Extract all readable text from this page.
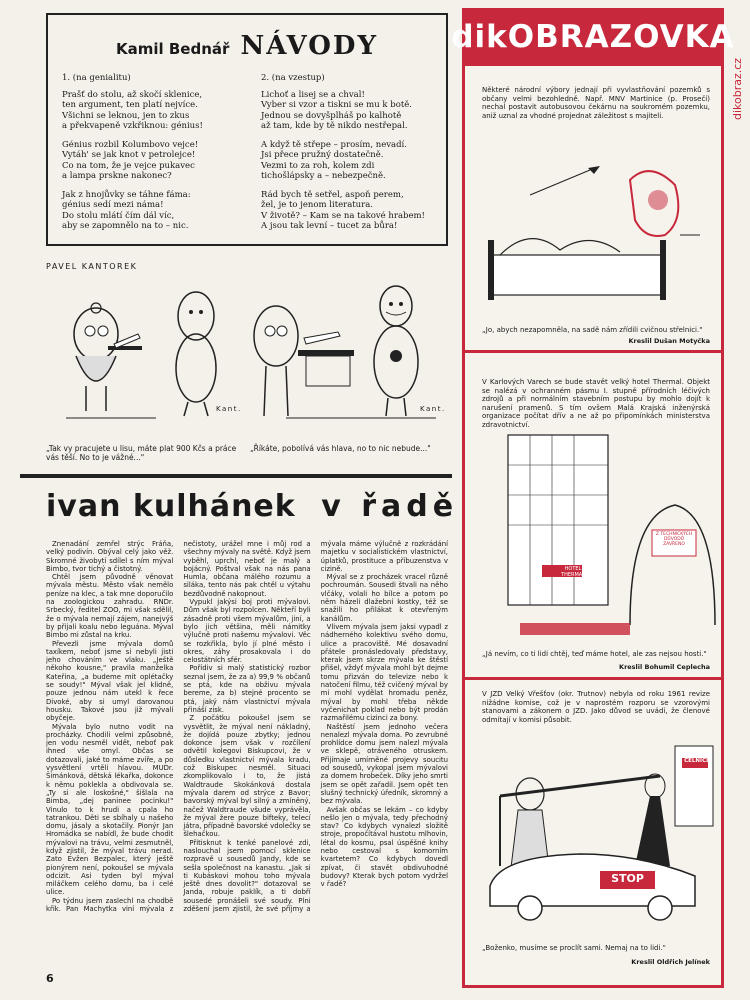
Kamil Bednář NÁVODY
1. (na genialitu)
Prašť do stolu, až skočí sklenice,
ten argument, ten platí nejvíce.
Všichni se leknou, jen to zkus
a překvapeně vzkřiknou: génius!
Génius rozbil Kolumbovo vejce!
Vytáh' se jak knot v petrolejce!
Co na tom, že je vejce pukavec
a lampa prskne nakonec?
Jak z hnojůvky se táhne fáma:
génius sedí mezi náma!
Do stolu mlátí čím dál víc,
aby se zapomnělo na to – nic.
2. (na vzestup)
Lichoť a lisej se a chval!
Vyber si vzor a tiskni se mu k botě.
Jednou se dovyšplháš po kalhotě
až tam, kde by tě nikdo nestřepal.
A když tě střepe – prosím, nevadí.
Jsi přece pružný dostatečně.
Vezmi to za roh, kolem zdi
tichošlápsky a – nebezpečně.
Rád bych tě setřel, aspoň perem,
žel, je to jenom literatura.
V životě? – Kam se na takové hrabem!
A jsou tak levní – tucet za bůra!
PAVEL KANTOREK
Kant.	Kant.
„Tak vy pracujete u lisu, máte plat 900 Kčs a práce vás těší. No to je vážné..."
„Říkáte, pobolívá vás hlava, no to nic nebude..."
ivan kulhánek v řadě

Znenadání zemřel strýc Fráňa, velký podivín. Obýval celý jako věž. Skromné živobytí sdílel s ním mýval Bimbo, tvor tichý a čistotný.

Chtěl jsem původně věnovat mývala městu. Město však nemělo peníze na klec, a tak mne doporučilo na zoologickou zahradu. RNDr. Srbecký, ředitel ZOO, mi však sdělil, že o mývala nemají zájem, nanejvýš by přijali koalu nebo leguána. Mýval Bimbo mi zůstal na krku.

Převezli jsme mývala domů taxíkem, neboť jsme si nebyli jisti jeho chováním ve vlaku. „Ještě někoho kousne," pravila manželka Kateřina, „a budeme mít oplétačky se soudy!" Mýval však jel klidně, pouze jednou nám utekl k řece Divoké, aby si umyl darovanou housku. Takové jsou již mývalí obyčeje.

Mývala bylo nutno vodit na procházky. Chodili velmi způsobně, jen vodu nesměl vidět, neboť pak ihned vše omyl. Občas se dotazovali, jaké to máme zvíře, a po vysvětlení vrtěli hlavou. MUDr. Šimánková, dětská lékařka, dokonce k němu poklekla a obdivovala se. „Ty si ale loskošné," šišlala na Bimba, „dej paninee pocinku!" Vinulo to k hrudi a cpala ho tatrankou. Děti se sbíhaly u našeho domu, jásaly a skotačily. Pionýr Jan Hromádka se nabídl, že bude chodit mývalovi na trávu, velmi zesmutněl, když zjistil, že mýval trávu nerad. Zato Evžen Bezpalec, který ještě pionýrem není, pokoušel se mývala odcizit. Asi tyden byl mýval miláčkem celého domu, ba i celé ulice.

Po týdnu jsem zaslechl na chodbě křik. Pan Machytka viní mývala z nečistoty, urážel mne i můj rod a všechny mývaly na světě. Když jsem vyběhl, uprchl, neboť je malý a bojácný. Poštval však na nás pana Humla, občana málého rozumu a silákа, tento nás pak chtěl u výtahu bezdůvodně nakopnout.

Vypukl jakýsi boj proti mývalovi. Dům však byl rozpolcen. Někteří byli zásadně proti všem mývalům, jiní, a bylo jich většina, měli námitky výlučně proti našemu mývalovi. Věc se rozkřikla, bylo jí plné město i okres, záhy prosakovala i do celostátních sfér.

Pořídiv si malý statistický rozbor seznal jsem, že za a) 99,9 % občanů se ptá, kde na obživu mývala bereme, za b) stejné procento se ptá, jaký nám vlastnictví mývala přináší zisk.

Z počátku pokoušel jsem se vysvětlit, že mýval není nákladný, že dojídá pouze zbytky; jednou dokonce jsem však v rozčílení odvětil kolegovi Biskupcovi, že v důsledku vlastnictví mývala kradu, což Biskupec nesměl. Situaci zkomplikovalo i to, že jistá Waldtraude Skokánková dostala mývala darem od strýce z Bavor; bavorský mýval byl silný a zmíněný, načež Waldtraude všude vyprávěla, že mýval žere pouze bifteky, telecí játra, případně bavorské vdolečky se šlehačkou.

Přitisknut k tenké panelové zdi, naslouchal jsem pomocí sklenice rozpravě u sousedů Jandy, kde se sešla společnost na kanastu. „Jak si ti Kubáskovi mohou toho mývala ještě dnes dovolit?" dotazoval se Janda, robuje paklík, a ti dobří sousedé pronášeli své soudy. Plni zděšení jsem zjistil, že své příjmy a mývala máme výlučně z rozkrádání majetku v socialistickém vlastnictví, úplatků, prostituce a příbuzenstva v cizině.

Mýval se z procházek vracel různě pochroumán. Sousedi štvali na něho vlčáky, volali ho bílce a potom po něm házeli dlažební kostky, též se snažili ho přilákat k otevřeným kanálům.

Vlivem mývala jsem jaksi vypadl z nádherného kolektivu svého domu, ulice a pracoviště. Mé dosavadní přátele pronásledovaly představy, kterak jsem skrze mývala ke štěstí přišel, vždyť mývala mohl být dejme tomu přizván do televize nebo k natočení filmu, též cvičený mýval by mi mohl vydělat hromadu peněz, mýval by mohl třeba někde vyčenichat poklad nebo být prodán razmařilému cizinci za bony.

Naštěstí jsem jednoho večera nenalezl mývala doma. Po zevrubné prohlídce domu jsem nalezl mývala ve sklepě, otráveného otruskem. Přijímaje umírněné projevy soucitu od sousedů, vykopal jsem mývalovi za domem hrobeček. Díky jeho smrti jsem se opět zařadil. Jsem opět ten slušný technický úředník, skromný a bez mývala.

Avšak občas se lekám – co kdyby nešlo jen o mývala, tedy přechodný stav? Co kdybych vynalezl složitě stroje, propočítával hustotu mlhovin, létal do kosmu, psal úspěšné knihy nebo cestoval s komorním kvartetem? Co kdybych dovedl zpívat, či stavět obdivuhodné budovy? Kterak bych potom vydržel v řadě?

6
dikOBRAZOVKA
dikobraz.cz
Některé národní výbory jednají při vyvlastňování pozemků s občany velmi bezohledně. Např. MNV Martinice (p. Prosečí) nechal postavit autobusovou čekárnu na soukromém pozemku, aniž uznal za vhodné projednat záležitost s majiteli.
„Jo, abych nezapomněla, na sadě nám zřídili cvičnou střelnici."
Kreslil Dušan Motyčka
V Karlových Varech se bude stavět velký hotel Thermal. Objekt se nalézá v ochranném pásmu I. stupně přírodních léčivých zdrojů a při normálním stavebním postupu by mohlo dojít k narušení pramenů. S tím ovšem Malá Krajská inženýrská organizace počítat dřív a ne až po připomínkách ministerstva zdravotnictví.
HOTEL THERMAL
Z TECHNICKÝCH DŮVODŮ ZAVŘENO
„Já nevím, co ti lidi chtěj, teď máme hotel, ale zas nejsou hosti."
Kreslil Bohumil Ceplecha
V JZD Velký Vřešťov (okr. Trutnov) nebyla od roku 1961 revize nižádne komise, což je v naprostém rozporu se vzorovými stanovami a zákonem o JZD. Jako důvod se uvádí, že členové odmítají v komisi působit.
CELNICE
STOP
„Boženko, musíme se proclít sami. Nemaj na to lidi."
Kreslil Oldřich Jelínek
